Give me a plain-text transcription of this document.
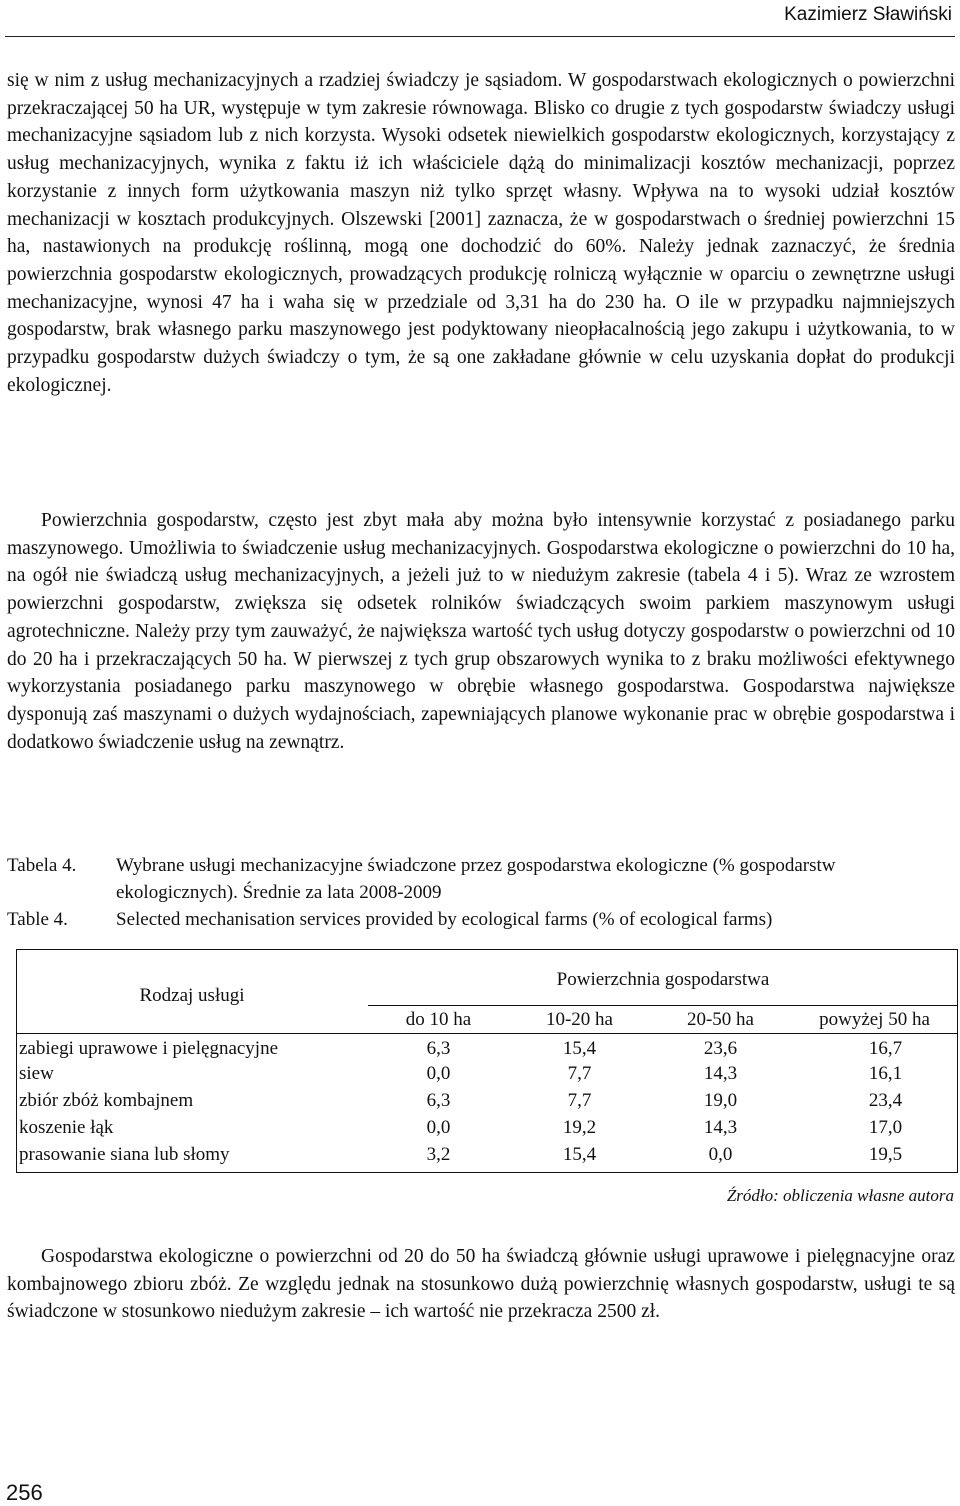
Kazimierz Sławiński

się w nim z usług mechanizacyjnych a rzadziej świadczy je sąsiadom. W gospodarstwach ekologicznych o powierzchni przekraczającej 50 ha UR, występuje w tym zakresie równowaga. Blisko co drugie z tych gospodarstw świadczy usługi mechanizacyjne sąsiadom lub z nich korzysta. Wysoki odsetek niewielkich gospodarstw ekologicznych, korzystający z usług mechanizacyjnych, wynika z faktu iż ich właściciele dążą do minimalizacji kosztów mechanizacji, poprzez korzystanie z innych form użytkowania maszyn niż tylko sprzęt własny. Wpływa na to wysoki udział kosztów mechanizacji w kosztach produkcyjnych. Olszewski [2001] zaznacza, że w gospodarstwach o średniej powierzchni 15 ha, nastawionych na produkcję roślinną, mogą one dochodzić do 60%. Należy jednak zaznaczyć, że średnia powierzchnia gospodarstw ekologicznych, prowadzących produkcję rolniczą wyłącznie w oparciu o zewnętrzne usługi mechanizacyjne, wynosi 47 ha i waha się w przedziale od 3,31 ha do 230 ha. O ile w przypadku najmniejszych gospodarstw, brak własnego parku maszynowego jest podyktowany nieopłacalnością jego zakupu i użytkowania, to w przypadku gospodarstw dużych świadczy o tym, że są one zakładane głównie w celu uzyskania dopłat do produkcji ekologicznej.

Powierzchnia gospodarstw, często jest zbyt mała aby można było intensywnie korzystać z posiadanego parku maszynowego. Umożliwia to świadczenie usług mechanizacyjnych. Gospodarstwa ekologiczne o powierzchni do 10 ha, na ogół nie świadczą usług mechanizacyjnych, a jeżeli już to w niedużym zakresie (tabela 4 i 5). Wraz ze wzrostem powierzchni gospodarstw, zwiększa się odsetek rolników świadczących swoim parkiem maszynowym usługi agrotechniczne. Należy przy tym zauważyć, że największa wartość tych usług dotyczy gospodarstw o powierzchni od 10 do 20 ha i przekraczających 50 ha. W pierwszej z tych grup obszarowych wynika to z braku możliwości efektywnego wykorzystania posiadanego parku maszynowego w obrębie własnego gospodarstwa. Gospodarstwa największe dysponują zaś maszynami o dużych wydajnościach, zapewniających planowe wykonanie prac w obrębie gospodarstwa i dodatkowo świadczenie usług na zewnątrz.

Tabela 4.	Wybrane usługi mechanizacyjne świadczone przez gospodarstwa ekologiczne (% gospodarstw ekologicznych). Średnie za lata 2008-2009
Table 4.	Selected mechanisation services provided by ecological farms (% of ecological farms)
Rodzaj usługi	Powierzchnia gospodarstwa			
	do 10 ha	10-20 ha	20-50 ha	powyżej 50 ha
zabiegi uprawowe i pielęgnacyjne	6,3	15,4	23,6	16,7
siew	0,0	7,7	14,3	16,1
zbiór zbóż kombajnem	6,3	7,7	19,0	23,4
koszenie łąk	0,0	19,2	14,3	17,0
prasowanie siana lub słomy	3,2	15,4	0,0	19,5
Źródło: obliczenia własne autora

Gospodarstwa ekologiczne o powierzchni od 20 do 50 ha świadczą głównie usługi uprawowe i pielęgnacyjne oraz kombajnowego zbioru zbóż. Ze względu jednak na stosunkowo dużą powierzchnię własnych gospodarstw, usługi te są świadczone w stosunkowo niedużym zakresie – ich wartość nie przekracza 2500 zł.

256
